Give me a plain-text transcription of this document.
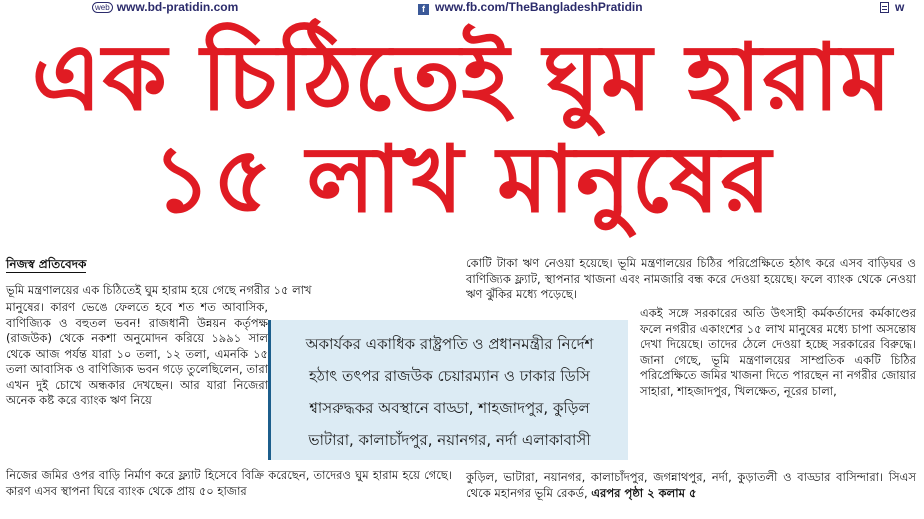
web www.bd-pratidin.com	f www.fb.com/TheBangladeshPratidin	w
এক চিঠিতেই ঘুম হারাম
১৫ লাখ মানুষের
নিজস্ব প্রতিবেদক

ভূমি মন্ত্রণালয়ের এক চিঠিতেই ঘুম হারাম হয়ে গেছে নগরীর ১৫ লাখ

মানুষের। কারণ ভেঙে ফেলতে হবে শত শত আবাসিক, বাণিজ্যিক ও বহুতল ভবন! রাজধানী উন্নয়ন কর্তৃপক্ষ (রাজউক) থেকে নকশা অনুমোদন করিয়ে ১৯৯১ সাল থেকে আজ পর্যন্ত যারা ১০ তলা, ১২ তলা, এমনকি ১৫ তলা আবাসিক ও বাণিজ্যিক ভবন গড়ে তুলেছিলেন, তারা এখন দুই চোখে অন্ধকার দেখছেন। আর যারা নিজেরা অনেক কষ্ট করে ব্যাংক ঋণ নিয়ে

নিজের জমির ওপর বাড়ি নির্মাণ করে ফ্ল্যাট হিসেবে বিক্রি করেছেন, তাদেরও ঘুম হারাম হয়ে গেছে। কারণ এসব স্থাপনা ঘিরে ব্যাংক থেকে প্রায় ৫০ হাজার

অকার্যকর একাধিক রাষ্ট্রপতি ও প্রধানমন্ত্রীর নির্দেশ
হঠাৎ তৎপর রাজউক চেয়ারম্যান ও ঢাকার ডিসি
শ্বাসরুদ্ধকর অবস্থানে বাড্ডা, শাহজাদপুর, কুড়িল
ভাটারা, কালাচাঁদপুর, নয়ানগর, নর্দা এলাকাবাসী

কোটি টাকা ঋণ নেওয়া হয়েছে। ভূমি মন্ত্রণালয়ের চিঠির পরিপ্রেক্ষিতে হঠাৎ করে এসব বাড়িঘর ও বাণিজ্যিক ফ্ল্যাট, স্থাপনার খাজনা এবং নামজারি বন্ধ করে দেওয়া হয়েছে। ফলে ব্যাংক থেকে নেওয়া ঋণ ঝুঁকির মধ্যে পড়েছে।

একই সঙ্গে সরকারের অতি উৎসাহী কর্মকর্তাদের কর্মকাণ্ডের ফলে নগরীর একাংশের ১৫ লাখ মানুষের মধ্যে চাপা অসন্তোষ দেখা দিয়েছে। তাদের ঠেলে দেওয়া হচ্ছে সরকারের বিরুদ্ধে। জানা গেছে, ভূমি মন্ত্রণালয়ের সাম্প্রতিক একটি চিঠির পরিপ্রেক্ষিতে জমির খাজনা দিতে পারছেন না নগরীর জোয়ার সাহারা, শাহজাদপুর, খিলক্ষেত, নূরের চালা,

কুড়িল, ভাটারা, নয়ানগর, কালাচাঁদপুর, জগন্নাথপুর, নর্দা, কুড়াতলী ও বাড্ডার বাসিন্দারা। সিএস থেকে মহানগর ভূমি রেকর্ড, এরপর পৃষ্ঠা ২ কলাম ৫
